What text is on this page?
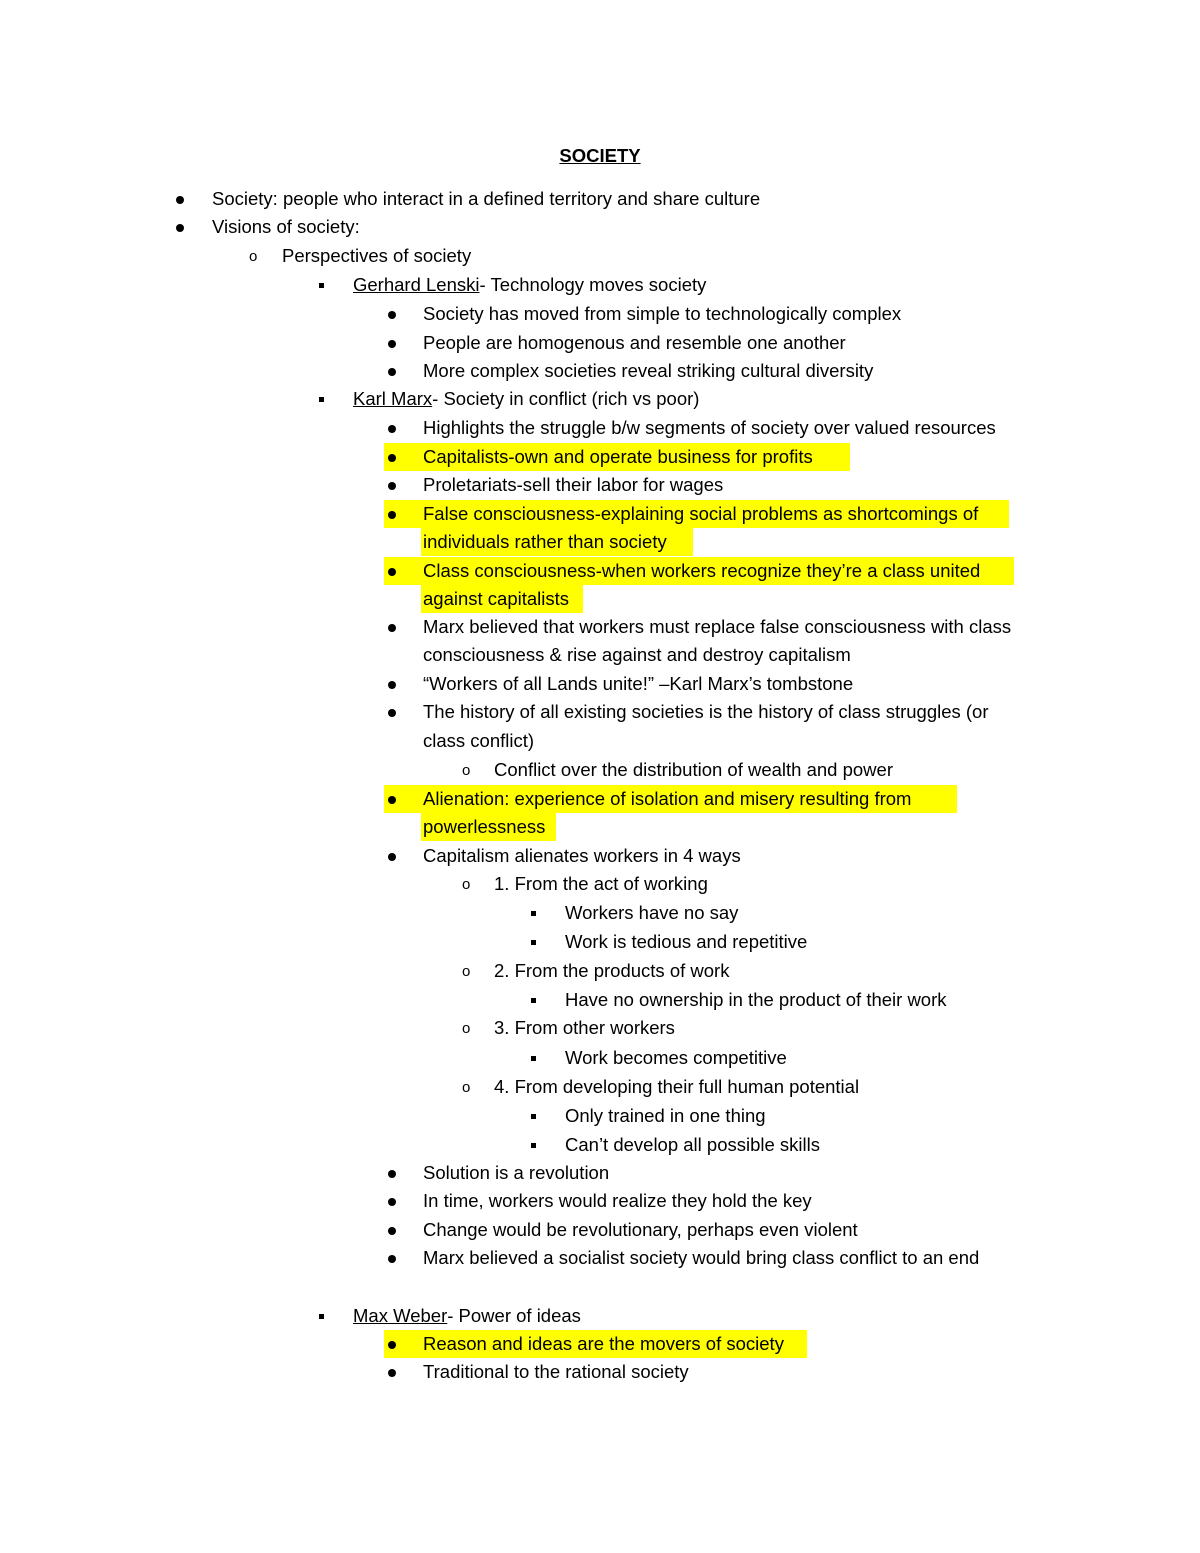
SOCIETY
Society: people who interact in a defined territory and share culture
Visions of society:
o Perspectives of society
Gerhard Lenski- Technology moves society
Society has moved from simple to technologically complex
People are homogenous and resemble one another
More complex societies reveal striking cultural diversity
Karl Marx- Society in conflict (rich vs poor)
Highlights the struggle b/w segments of society over valued resources
Capitalists-own and operate business for profits
Proletariats-sell their labor for wages
False consciousness-explaining social problems as shortcomings of
individuals rather than society
Class consciousness-when workers recognize they’re a class united
against capitalists
Marx believed that workers must replace false consciousness with class
consciousness & rise against and destroy capitalism
“Workers of all Lands unite!” –Karl Marx’s tombstone
The history of all existing societies is the history of class struggles (or
class conflict)
o Conflict over the distribution of wealth and power
Alienation: experience of isolation and misery resulting from
powerlessness
Capitalism alienates workers in 4 ways
o 1. From the act of working
Workers have no say
Work is tedious and repetitive
o 2. From the products of work
Have no ownership in the product of their work
o 3. From other workers
Work becomes competitive
o 4. From developing their full human potential
Only trained in one thing
Can’t develop all possible skills
Solution is a revolution
In time, workers would realize they hold the key
Change would be revolutionary, perhaps even violent
Marx believed a socialist society would bring class conflict to an end
Max Weber- Power of ideas
Reason and ideas are the movers of society
Traditional to the rational society
